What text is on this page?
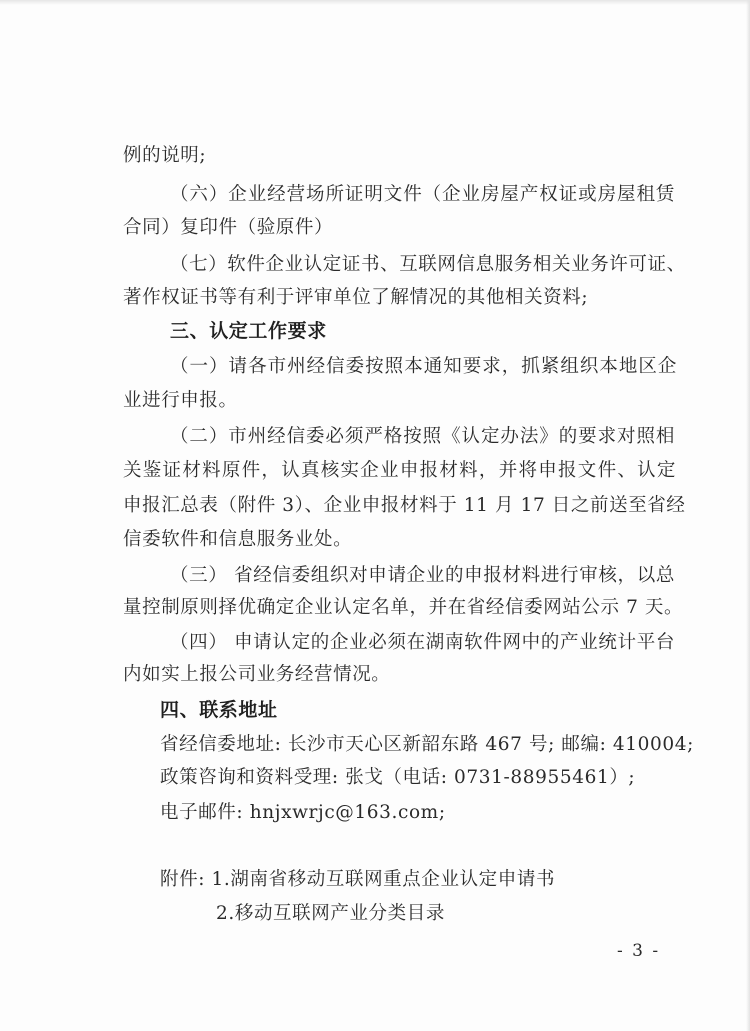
例的说明;
（六）企业经营场所证明文件（企业房屋产权证或房屋租赁
合同）复印件（验原件）
（七）软件企业认定证书、互联网信息服务相关业务许可证、
著作权证书等有利于评审单位了解情况的其他相关资料;
三、认定工作要求
（一）请各市州经信委按照本通知要求，抓紧组织本地区企
业进行申报。
（二）市州经信委必须严格按照《认定办法》的要求对照相
关鉴证材料原件，认真核实企业申报材料，并将申报文件、认定
申报汇总表（附件 3）、企业申报材料于 11 月 17 日之前送至省经
信委软件和信息服务业处。
（三） 省经信委组织对申请企业的申报材料进行审核，以总
量控制原则择优确定企业认定名单，并在省经信委网站公示 7 天。
（四） 申请认定的企业必须在湖南软件网中的产业统计平台
内如实上报公司业务经营情况。
四、联系地址
省经信委地址: 长沙市天心区新韶东路 467 号; 邮编: 410004;
政策咨询和资料受理: 张戈（电话: 0731-88955461）;
电子邮件: hnjxwrjc@163.com;
附件: 1.湖南省移动互联网重点企业认定申请书
2.移动互联网产业分类目录
- 3 -
